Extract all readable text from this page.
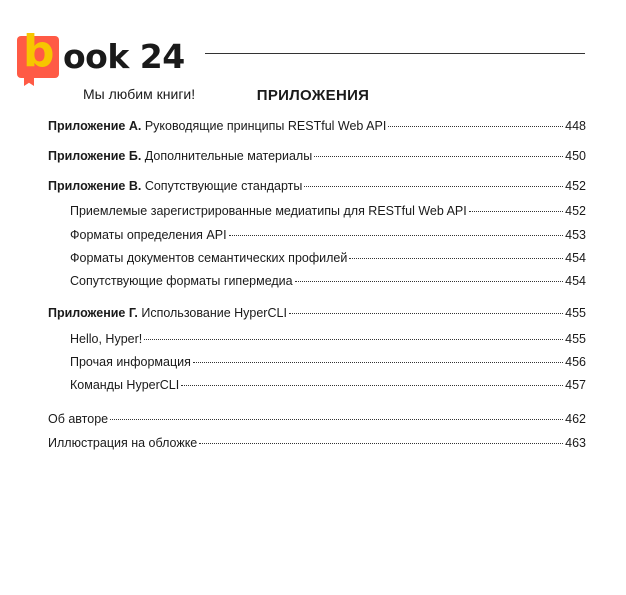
b ook 24
Мы любим книги!	ПРИЛОЖЕНИЯ
Приложение А. Руководящие принципы RESTful Web API	448
Приложение Б. Дополнительные материалы	450
Приложение В. Сопутствующие стандарты	452
Приемлемые зарегистрированные медиатипы для RESTful Web API	452
Форматы определения API	453
Форматы документов семантических профилей	454
Сопутствующие форматы гипермедиа	454
Приложение Г. Использование HyperCLI	455
Hello, Hyper!	455
Прочая информация	456
Команды HyperCLI	457
Об авторе	462
Иллюстрация на обложке	463
